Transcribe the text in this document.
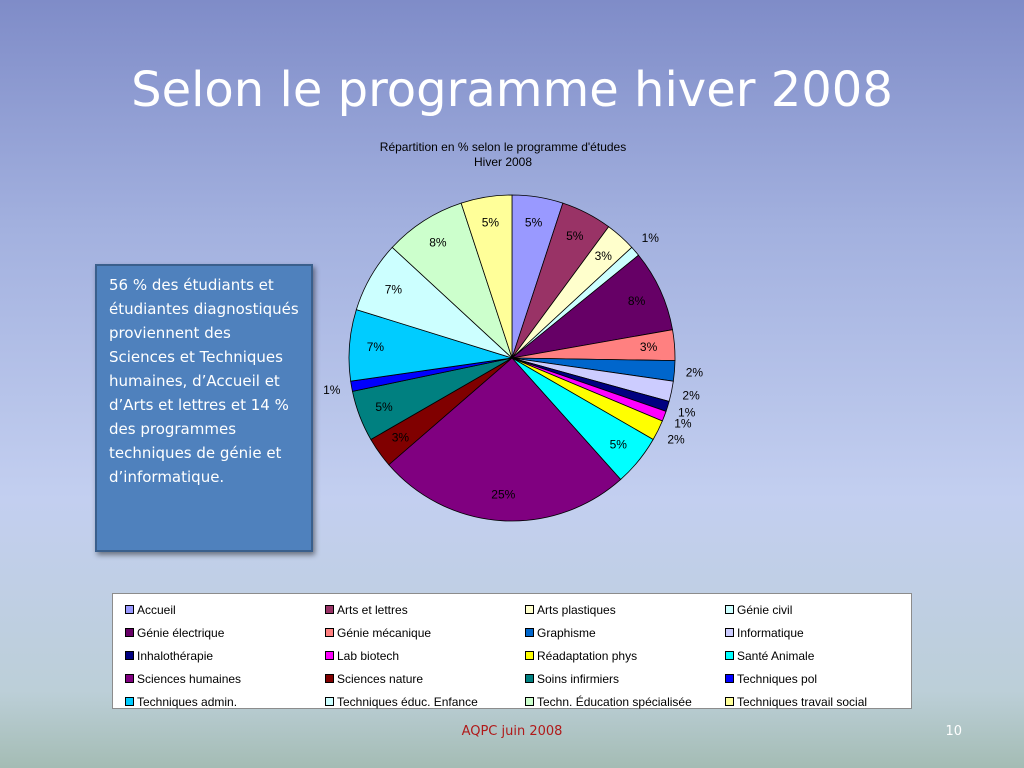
Selon le programme hiver 2008
Répartition en % selon le programme d'études
Hiver 2008
5%
5%
3%
1%
8%
3%
2%
2%
1%
1%
2%
5%
25%
3%
5%
1%
7%
7%
8%
5%
56 % des étudiants et étudiantes diagnostiqués proviennent des Sciences et Techniques humaines, d’Accueil et d’Arts et lettres et 14 % des programmes techniques de génie et d’informatique.
Accueil	Arts et lettres	Arts plastiques	Génie civil
Génie électrique	Génie mécanique	Graphisme	Informatique
Inhalothérapie	Lab biotech	Réadaptation phys	Santé Animale
Sciences humaines	Sciences nature	Soins infirmiers	Techniques pol
Techniques admin.	Techniques éduc. Enfance	Techn. Éducation spécialisée	Techniques travail social
AQPC juin 2008	10
